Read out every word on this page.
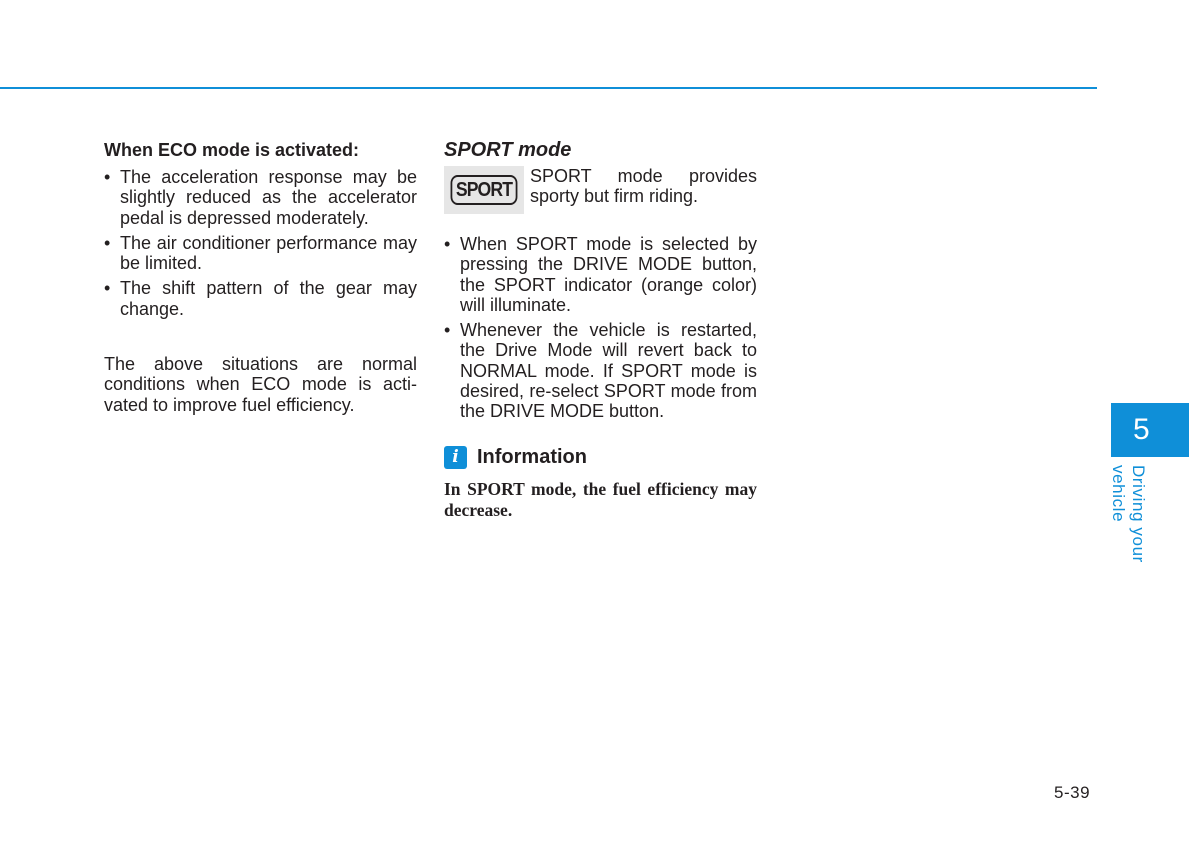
When ECO mode is activated:

• The acceleration response may be slightly reduced as the accelerator pedal is depressed moderately.
• The air conditioner performance may be limited.
• The shift pattern of the gear may change.

The above situations are normal conditions when ECO mode is acti-vated to improve fuel efficiency.

SPORT mode

SPORT
SPORT mode provides sporty but firm riding.
• When SPORT mode is selected by pressing the DRIVE MODE button, the SPORT indicator (orange color) will illuminate.
• Whenever the vehicle is restarted, the Drive Mode will revert back to NORMAL mode. If SPORT mode is desired, re-select SPORT mode from the DRIVE MODE button.
i Information

In SPORT mode, the fuel efficiency may decrease.

5
Driving your vehicle
5-39
